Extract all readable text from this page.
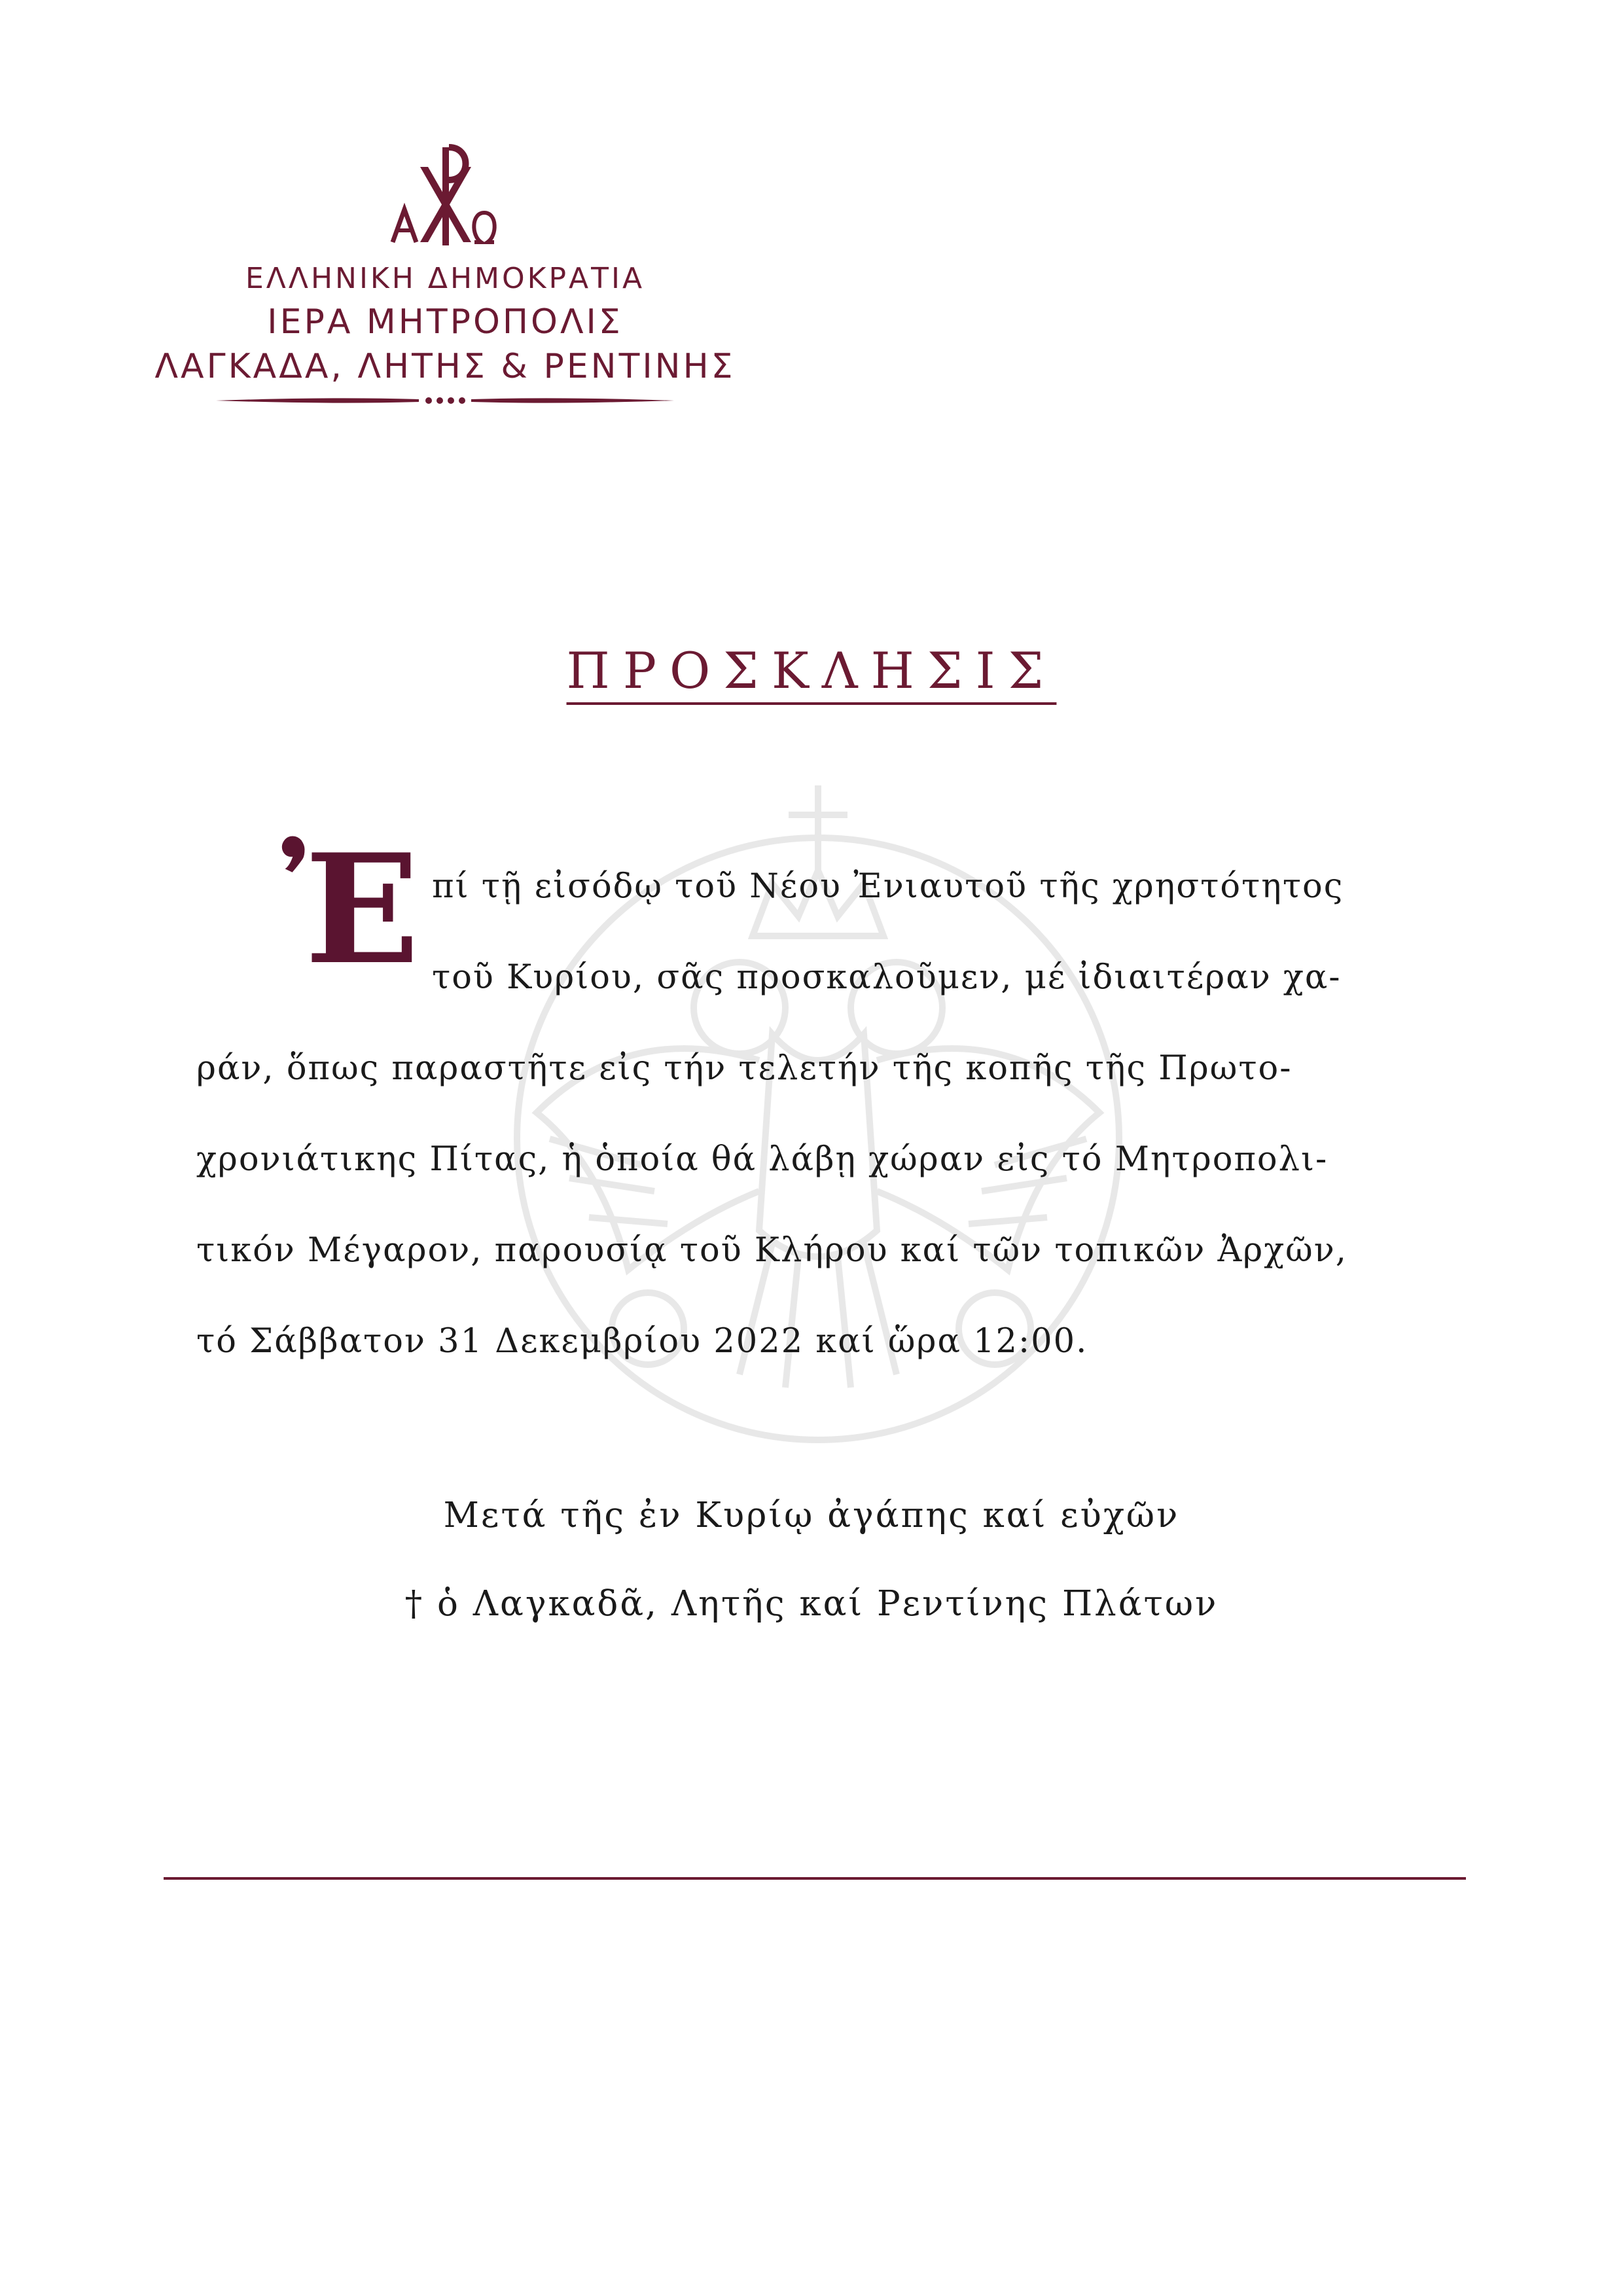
ΕΛΛΗΝΙΚΗ ΔΗΜΟΚΡΑΤΙΑ
ΙΕΡΑ ΜΗΤΡΟΠΟΛΙΣ
ΛΑΓΚΑΔΑ, ΛΗΤΗΣ & ΡΕΝΤΙΝΗΣ
ΠΡΟΣΚΛΗΣΙΣ
Ἐ πί τῇ εἰσόδῳ τοῦ Νέου Ἐνιαυτοῦ τῆς χρηστότητος
τοῦ Κυρίου, σᾶς προσκαλοῦμεν, μέ ἰδιαιτέραν χα-
ράν, ὅπως παραστῆτε εἰς τήν τελετήν τῆς κοπῆς τῆς Πρωτο-
χρονιάτικης Πίτας, ἡ ὁποία θά λάβῃ χώραν εἰς τό Μητροπολι-
τικόν Μέγαρον, παρουσίᾳ τοῦ Κλήρου καί τῶν τοπικῶν Ἀρχῶν,
τό Σάββατον 31 Δεκεμβρίου 2022 καί ὥρα 12:00.
Μετά τῆς ἐν Κυρίῳ ἀγάπης καί εὐχῶν
† ὁ Λαγκαδᾶ, Λητῆς καί Ρεντίνης Πλάτων
